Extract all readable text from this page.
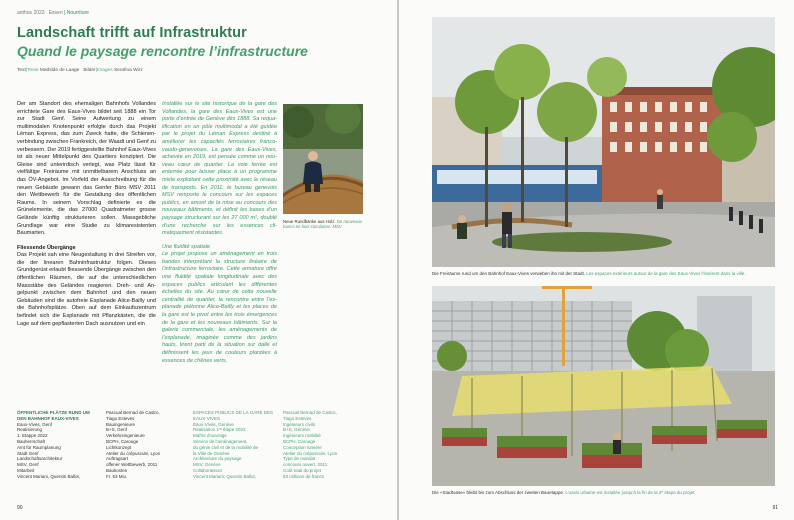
anthos 2023 Essen | Nourriture
Landschaft trifft auf Infrastruktur
Quand le paysage rencontre l’infrastructure
Text|Texte Mathilde de Laage Bilder|Images Serafina Wirz

Der am Standort des ehemaligen Bahnhofs Vollandes errichtete Gare des Eaux-Vives bildet seit 1888 ein Tor zur Stadt Genf. Seine Aufwertung zu einem multimodalen Knotenpunkt erfolgte durch das Projekt Léman Express, das zum Zweck hatte, die Schienenverbindung zwischen Frankreich, der Waadt und Genf zu verbessern. Der 2019 fertiggestellte Bahnhof Eaux-Vives ist als neuer Mittelpunkt des Quartiers konzipiert. Die Gleise sind unterirdisch verlegt, was Platz lässt für vielfältige Freiräume mit unmittelbarem Anschluss an das ÖV-Angebot. Im Vorfeld der Ausschreibung für die neuen Gebäude gewann das Genfer Büro MSV 2011 den Wettbewerb für die Gestaltung des öffentlichen Raums. In seinem Vorschlag definierte es die Grünelemente, die das 27000 Quadratmeter grosse Gelände künftig strukturieren sollen. Massgebliche Grundlage war eine Studie zu klimaresistenten Baumarten.

Fliessende Übergänge

Das Projekt sah eine Neugestaltung in drei Streifen vor, die der linearen Bahninfrastruktur folgen. Dieses Grundgerüst erlaubt fliessende Übergänge zwischen den öffentlichen Räumen, die auf die unterschiedlichen Massstäbe des Geländes reagieren. Dreh- und Angelpunkt zwischen dem Bahnhof und den neuen Gebäuden sind die autofreie Esplanade Alice-Bailly und die Bahnhofsplätze. Oben auf dem Einkaufszentrum befindet sich die Esplanade mit Pflanzkästen, die die Lage auf dem gepflasterten Dach ausnutzen und ein

Installée sur le site historique de la gare des Vollandes, la gare des Eaux-Vives est une porte d’entrée de Genève dès 1888. Sa requalification en un pôle multimodal a été guidée par le projet du Léman Express destiné à améliorer les capacités ferroviaires franco-vaudo-genevoises. La gare des Eaux-Vives, achevée en 2019, est pensée comme un nouveau cœur de quartier. La voie ferrée est enterrée pour laisser place à un programme mixte exploitant cette proximité avec le réseau de transports. En 2011, le bureau genevois MSV remporte le concours sur les espaces publics, en amont de la mise au concours des nouveaux bâtiments, et définit les bases d’un paysage structurant sur les 27 000 m², doublé d’une recherche sur les essences climatiquement résistantes.

Une fluidité spatiale

Le projet propose un aménagement en trois bandes interprétant la structure linéaire de l’infrastructure ferroviaire. Cette armature offre une fluidité spatiale longitudinale avec des espaces publics articulant les différentes échelles du site. Au cœur de cette nouvelle centralité de quartier, la rencontre entre l’esplanade piétonne Alice-Bailly et les places de la gare est le pivot entre les trois émergences de la gare et les nouveaux bâtiments. Sur la galerie commerciale, les aménagements de l’esplanade, imaginée comme des jardins hauts, tirent parti de la situation sur dalle et définissent les jeux de couleurs plantées à essences de chênes verts,

Neue Rundbänke aus Holz. De nouveaux bancs en bois circulaires. MSV
ÖFFENTLICHE PLÄTZE RUND UM DEN BAHNHOF EAUX-VIVES
Eaux-Vives, Genf
Realisierung
1. Etappe 2022
Bauherrschaft
Amt für Raumplanung
Stadt Genf
Landschaftsarchitektur
MSV, Genf
Mitarbeit
Vincent Mariani, Quentin Ballot,
Pascual Bernad de Castro,
Tiago Esteves
Bauingenieure
B+S, Genf
Verkehrsingenieure
BCPH, Carouge
Lichtkonzept
Atelier du crépuscule, Lyon
Auftragsart
offener Wettbewerb, 2011
Baukosten
Fr. 53 Mio.
ESPACES PUBLICS DE LA GARE DES EAUX-VIVES
Eaux-Vives, Genève
Réalisation 1ʳᵉ étape 2022
Maître d’ouvrage
Service de l’aménagement,
du génie civil et de la mobilité de
la Ville de Genève
Architecture du paysage
MSV, Genève
Collaborateurs
Vincent Mariani, Quentin Ballot,
Pascual Bernad de Castro,
Tiago Esteves
Ingénieurs civils
B+S, Genève
Ingénieurs mobilité
BCPH, Carouge
Conception lumière
Atelier du crépuscule, Lyon
Type de mandat
concours ouvert, 2011
Coût total du projet
53 millions de francs
90
Die Freiräume rund um den Bahnhof Eaux-Vives verweben ihn mit der Stadt. Les espaces extérieurs autour de la gare des Eaux-Vives l’insèrent dans la ville.
Die «Stadtoase» bleibt bis zum Abschluss der zweiten Bauetappe. L’oasis urbaine est installée jusqu’à la fin de la 2ᵉ étape du projet.
91
